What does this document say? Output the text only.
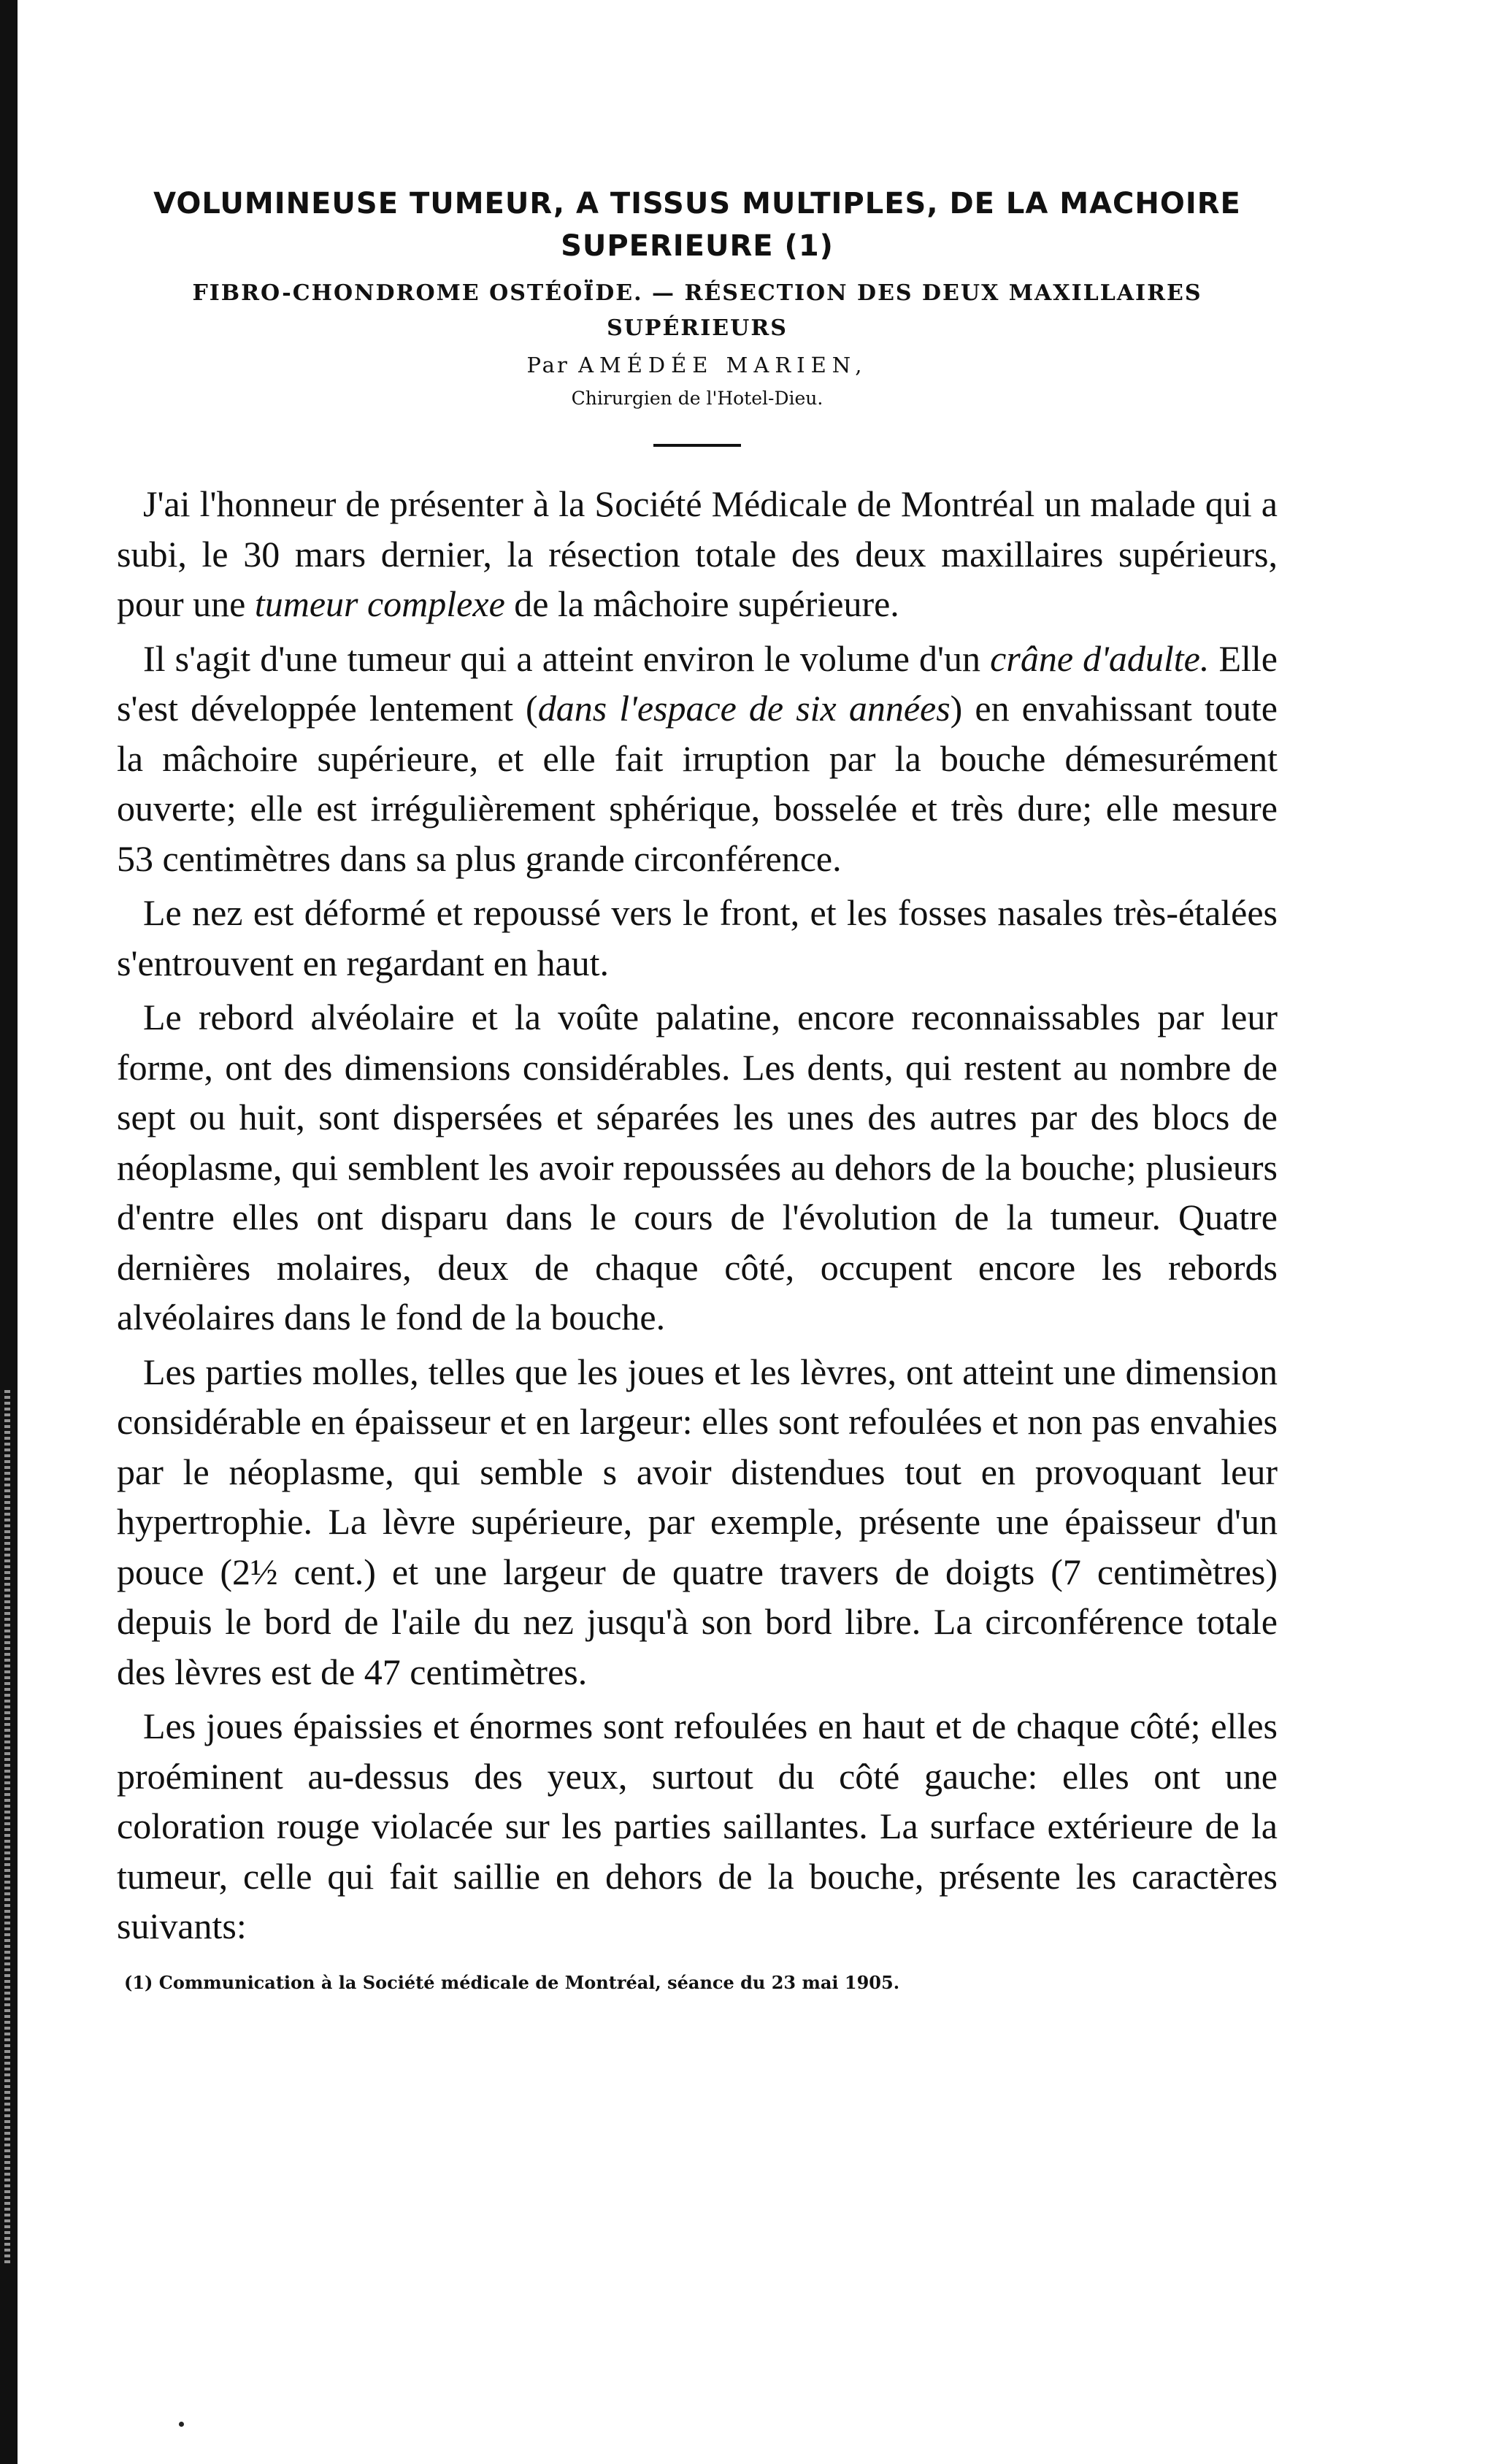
VOLUMINEUSE TUMEUR, A TISSUS MULTIPLES, DE LA MACHOIRE SUPERIEURE (1)

FIBRO-CHONDROME OSTÉOÏDE. — RÉSECTION DES DEUX MAXILLAIRES SUPÉRIEURS

Par AMÉDÉE MARIEN,

Chirurgien de l'Hotel-Dieu.

J'ai l'honneur de présenter à la Société Médicale de Montréal un malade qui a subi, le 30 mars dernier, la résection totale des deux maxillaires supérieurs, pour une tumeur complexe de la mâchoire supérieure.

Il s'agit d'une tumeur qui a atteint environ le volume d'un crâne d'adulte. Elle s'est développée lentement (dans l'espace de six années) en envahissant toute la mâchoire supérieure, et elle fait irruption par la bouche démesurément ouverte; elle est irrégulièrement sphérique, bosselée et très dure; elle mesure 53 centimètres dans sa plus grande circonférence.

Le nez est déformé et repoussé vers le front, et les fosses nasales très-étalées s'entrouvent en regardant en haut.

Le rebord alvéolaire et la voûte palatine, encore reconnaissables par leur forme, ont des dimensions considérables. Les dents, qui restent au nombre de sept ou huit, sont dispersées et séparées les unes des autres par des blocs de néoplasme, qui semblent les avoir repoussées au dehors de la bouche; plusieurs d'entre elles ont disparu dans le cours de l'évolution de la tumeur. Quatre dernières molaires, deux de chaque côté, occupent encore les rebords alvéolaires dans le fond de la bouche.

Les parties molles, telles que les joues et les lèvres, ont atteint une dimension considérable en épaisseur et en largeur: elles sont refoulées et non pas envahies par le néoplasme, qui semble s avoir distendues tout en provoquant leur hypertrophie. La lèvre supérieure, par exemple, présente une épaisseur d'un pouce (2½ cent.) et une largeur de quatre travers de doigts (7 centimètres) depuis le bord de l'aile du nez jusqu'à son bord libre. La circonférence totale des lèvres est de 47 centimètres.

Les joues épaissies et énormes sont refoulées en haut et de chaque côté; elles proéminent au-dessus des yeux, surtout du côté gauche: elles ont une coloration rouge violacée sur les parties saillantes. La surface extérieure de la tumeur, celle qui fait saillie en dehors de la bouche, présente les caractères suivants:

(1) Communication à la Société médicale de Montréal, séance du 23 mai 1905.
